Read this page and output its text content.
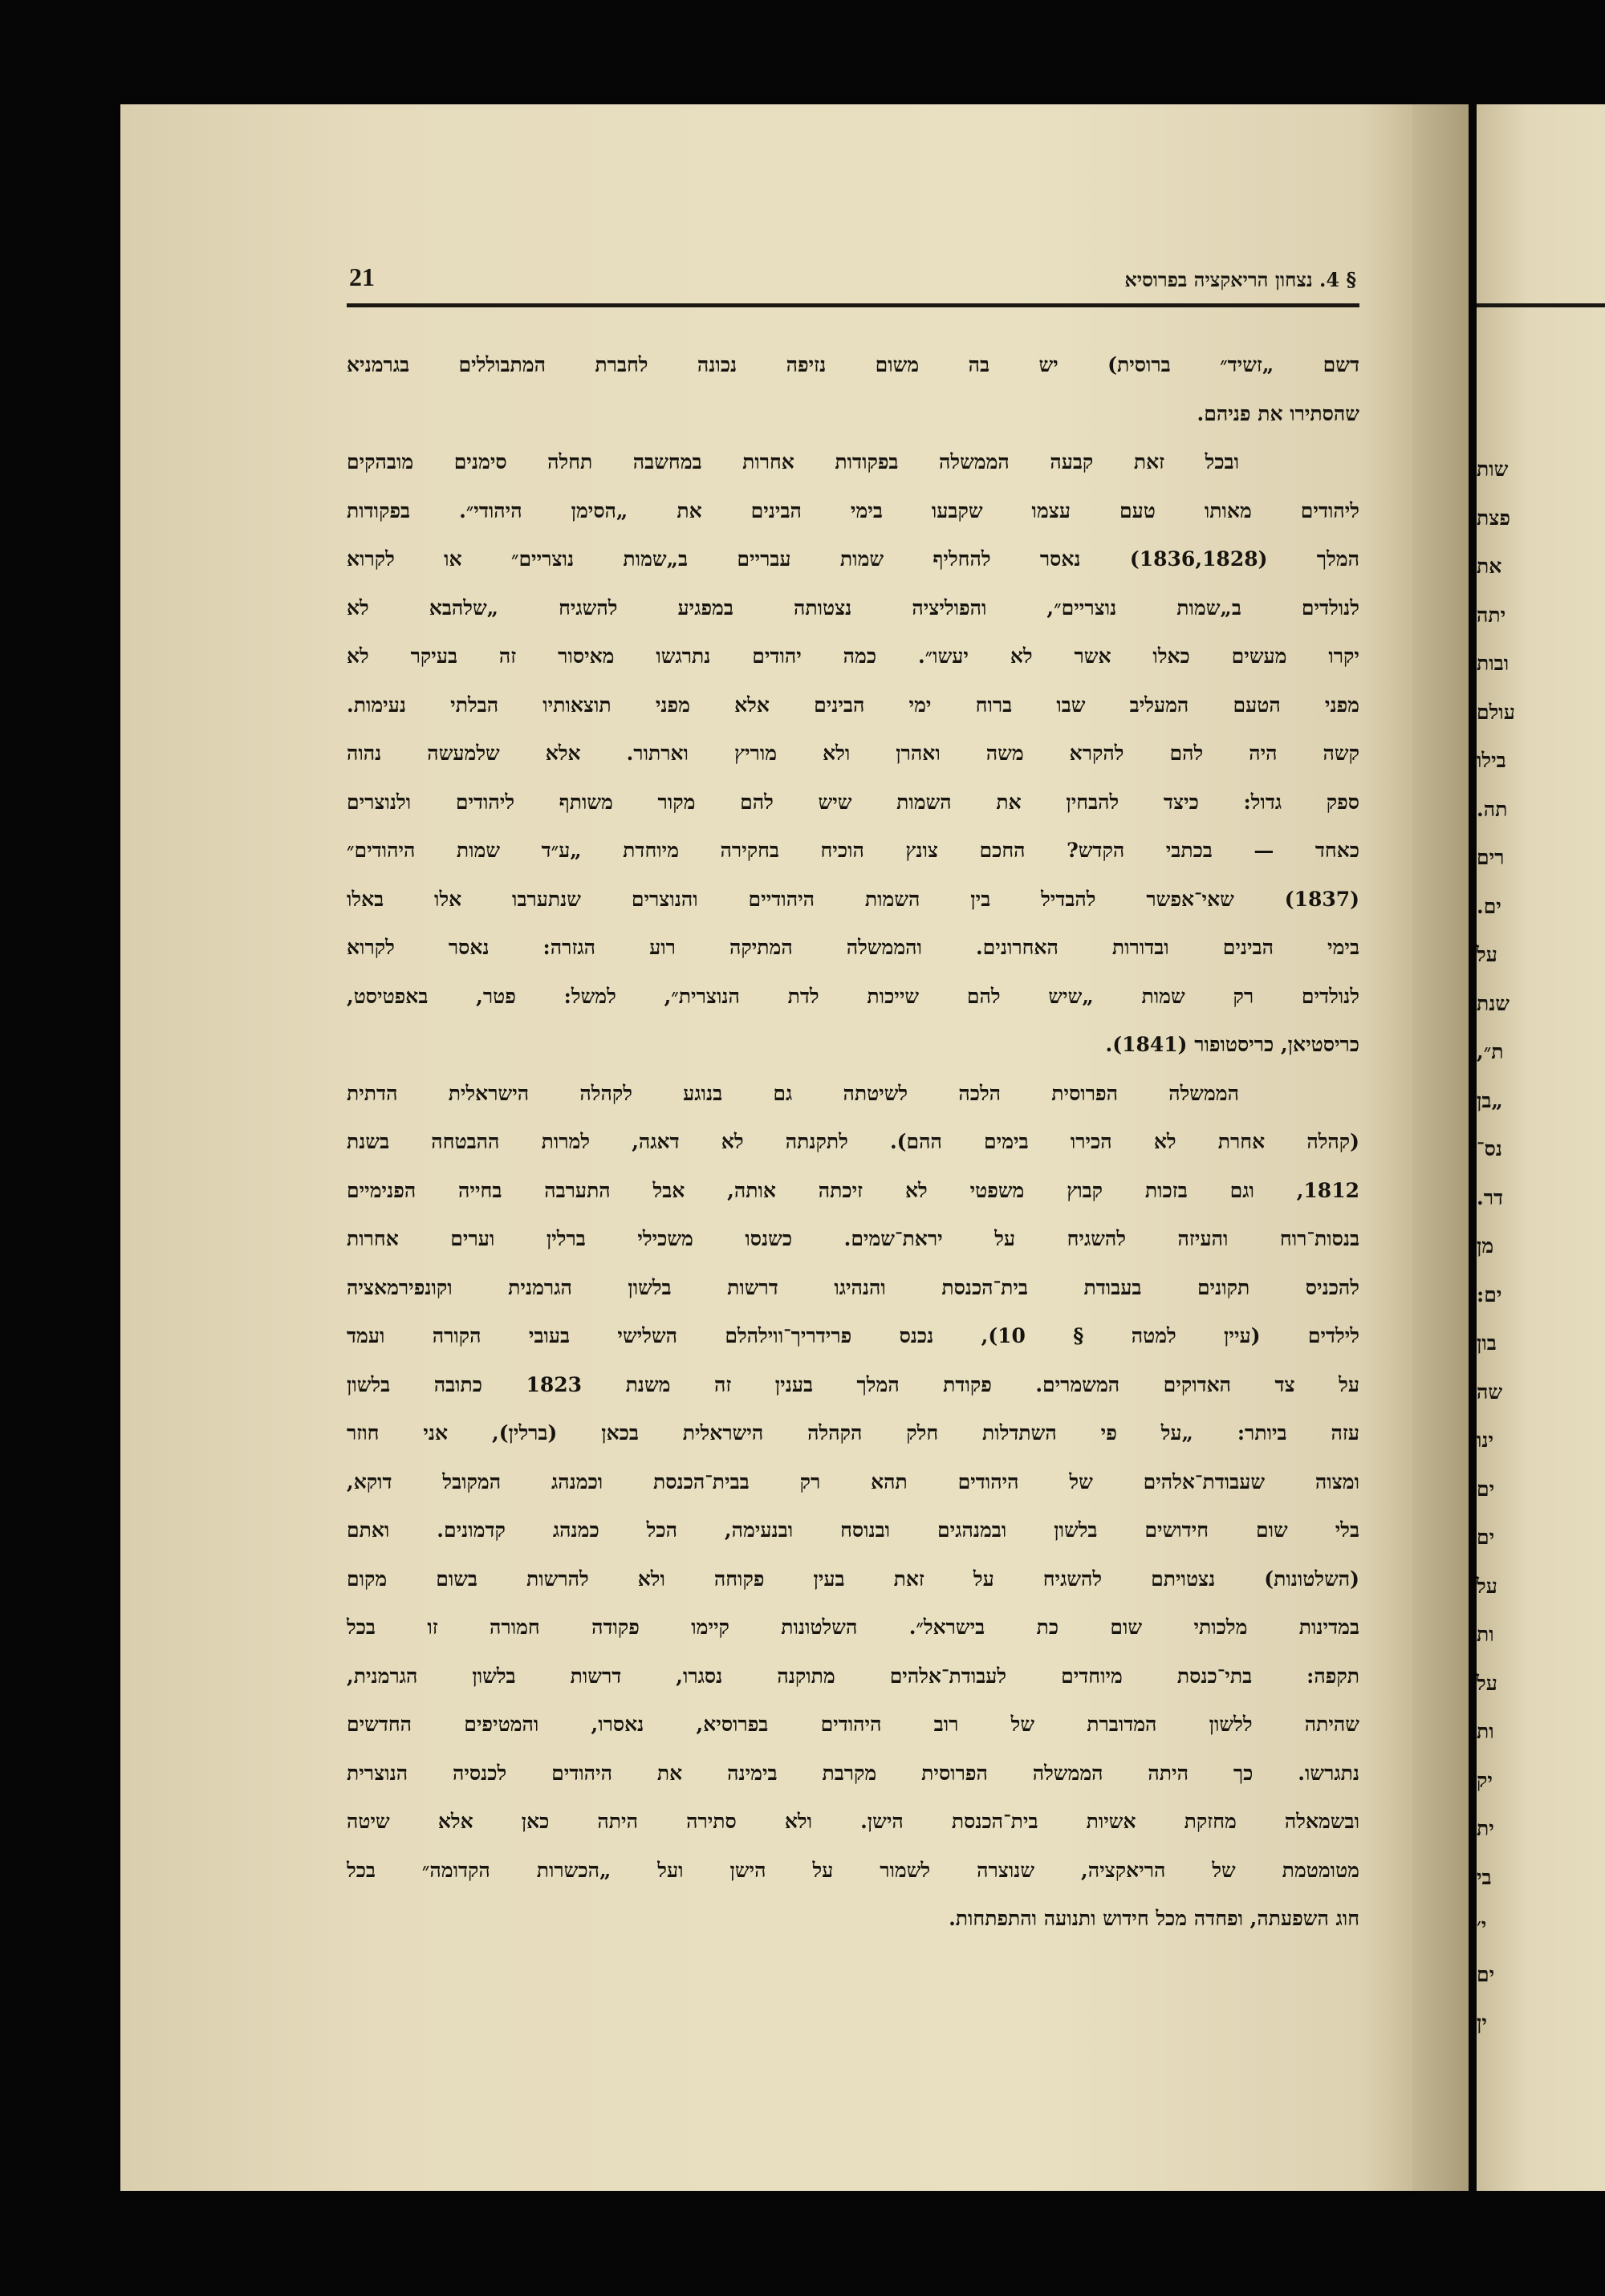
שות
פצת
את
יתה
ובות
עולם
בילו
תה.
רים
ים.
על
שנת
ת״,
„בן
נס־
דר.
מן
ים:
בון
שה
ינו
ים
ים
על
ות
על
ות
יק
ית
בי
י׳
ים
ין
21	§ 4. נצחון הריאקציה בפרוסיא
דשם „זשיד״ ברוסית) יש בה משום נזיפה נכונה לחברת המתבוללים בגרמניא
שהסתירו את פניהם.
ובכל זאת קבעה הממשלה בפקודות אחרות במחשבה תחלה סימנים מובהקים
ליהודים מאותו טעם עצמו שקבעו בימי הבינים את „הסימן היהודי״. בפקודות
המלך (1836,1828) נאסר להחליף שמות עבריים ב„שמות נוצריים״ או לקרוא
לנולדים ב„שמות נוצריים״, והפוליציה נצטותה במפגיע להשגיח „שלהבא לא
יקרו מעשים כאלו אשר לא יעשו״. כמה יהודים נתרגשו מאיסור זה בעיקר לא
מפני הטעם המעליב שבו ברוח ימי הבינים אלא מפני תוצאותיו הבלתי נעימות.
קשה היה להם להקרא משה ואהרן ולא מוריץ וארתור. אלא שלמעשה נהוה
ספק גדול: כיצד להבחין את השמות שיש להם מקור משותף ליהודים ולנוצרים
כאחד — בכתבי הקדש? החכם צונץ הוכיח בחקירה מיוחדת „ע״ד שמות היהודים״
(1837) שאי־אפשר להבדיל בין השמות היהודיים והנוצרים שנתערבו אלו באלו
בימי הבינים ובדורות האחרונים. והממשלה המתיקה רוע הגזרה: נאסר לקרוא
לנולדים רק שמות „שיש להם שייכות לדת הנוצרית״, למשל: פטר, באפטיסט,
כריסטיאן, כריסטופור (1841).
הממשלה הפרוסית הלכה לשיטתה גם בנוגע לקהלה הישראלית הדתית
(קהלה אחרת לא הכירו בימים ההם). לתקנתה לא דאגה, למרות ההבטחה בשנת
1812, וגם בזכות קבוץ משפטי לא זיכתה אותה, אבל התערבה בחייה הפנימיים
בנסות־רוח והעיזה להשגיח על יראת־שמים. כשנסו משכילי ברלין וערים אחרות
להכניס תקונים בעבודת בית־הכנסת והנהיגו דרשות בלשון הגרמנית וקונפירמאציה
לילדים (עיין למטה § 10), נכנס פרידריך־ווילהלם השלישי בעובי הקורה ועמד
על צד האדוקים המשמרים. פקודת המלך בענין זה משנת 1823 כתובה בלשון
עזה ביותר: „על פי השתדלות חלק הקהלה הישראלית בכאן (ברלין), אני חוזר
ומצוה שעבודת־אלהים של היהודים תהא רק בבית־הכנסת וכמנהג המקובל דוקא,
בלי שום חידושים בלשון ובמנהגים ובנוסח ובנעימה, הכל כמנהג קדמונים. ואתם
(השלטונות) נצטויתם להשגיח על זאת בעין פקוחה ולא להרשות בשום מקום
במדינות מלכותי שום כת בישראל״. השלטונות קיימו פקודה חמורה זו בכל
תקפה: בתי־כנסת מיוחדים לעבודת־אלהים מתוקנה נסגרו, דרשות בלשון הגרמנית,
שהיתה ללשון המדוברת של רוב היהודים בפרוסיא, נאסרו, והמטיפים החדשים
נתגרשו. כך היתה הממשלה הפרוסית מקרבת בימינה את היהודים לכנסיה הנוצרית
ובשמאלה מחזקת אשיות בית־הכנסת הישן. ולא סתירה היתה כאן אלא שיטה
מטומטמת של הריאקציה, שנוצרה לשמור על הישן ועל „הכשרות הקדומה״ בכל
חוג השפעתה, ופחדה מכל חידוש ותנועה והתפתחות.
